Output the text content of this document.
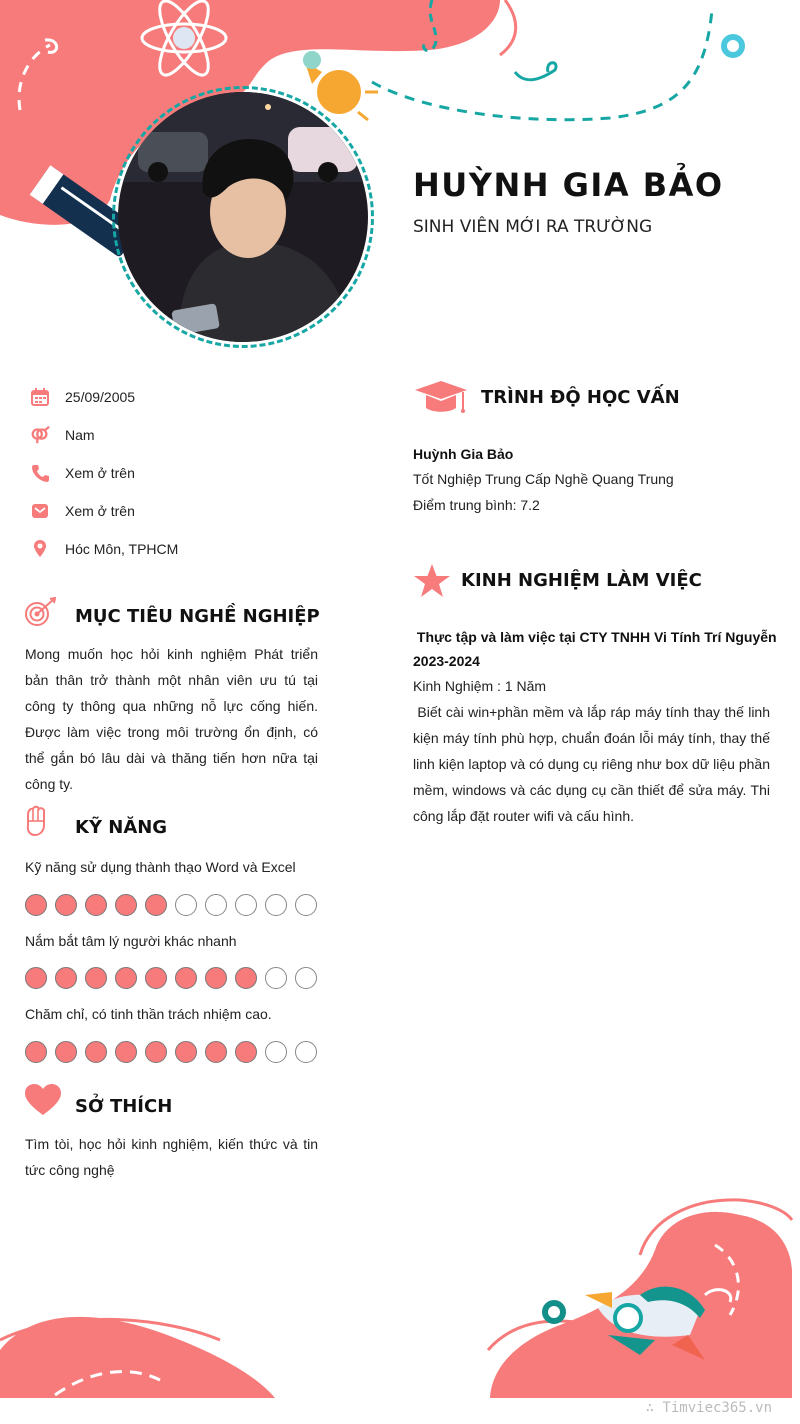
HUỲNH GIA BẢO
SINH VIÊN MỚI RA TRƯỜNG
25/09/2005
Nam
Xem ở trên
Xem ở trên
Hóc Môn, TPHCM
MỤC TIÊU NGHỀ NGHIỆP

Mong muốn học hỏi kinh nghiệm Phát triển bản thân trở thành một nhân viên ưu tú tại công ty thông qua những nỗ lực cống hiến. Được làm việc trong môi trường ổn định, có thể gắn bó lâu dài và thăng tiến hơn nữa tại công ty.

KỸ NĂNG
Kỹ năng sử dụng thành thạo Word và Excel
Nắm bắt tâm lý người khác nhanh
Chăm chỉ, có tinh thần trách nhiệm cao.
SỞ THÍCH

Tìm tòi, học hỏi kinh nghiệm, kiến thức và tin tức công nghệ

TRÌNH ĐỘ HỌC VẤN
Huỳnh Gia Bảo
Tốt Nghiệp Trung Cấp Nghề Quang Trung
Điểm trung bình: 7.2
KINH NGHIỆM LÀM VIỆC
Thực tập và làm việc tại CTY TNHH Vi Tính Trí Nguyễn
2023-2024
Kinh Nghiệm : 1 Năm

Biết cài win+phần mềm và lắp ráp máy tính thay thế linh kiện máy tính phù hợp, chuẩn đoán lỗi máy tính, thay thế linh kiện laptop và có dụng cụ riêng như box dữ liệu phần mềm, windows và các dụng cụ cần thiết để sửa máy. Thi công lắp đặt router wifi và cấu hình.

∴ Timviec365.vn
